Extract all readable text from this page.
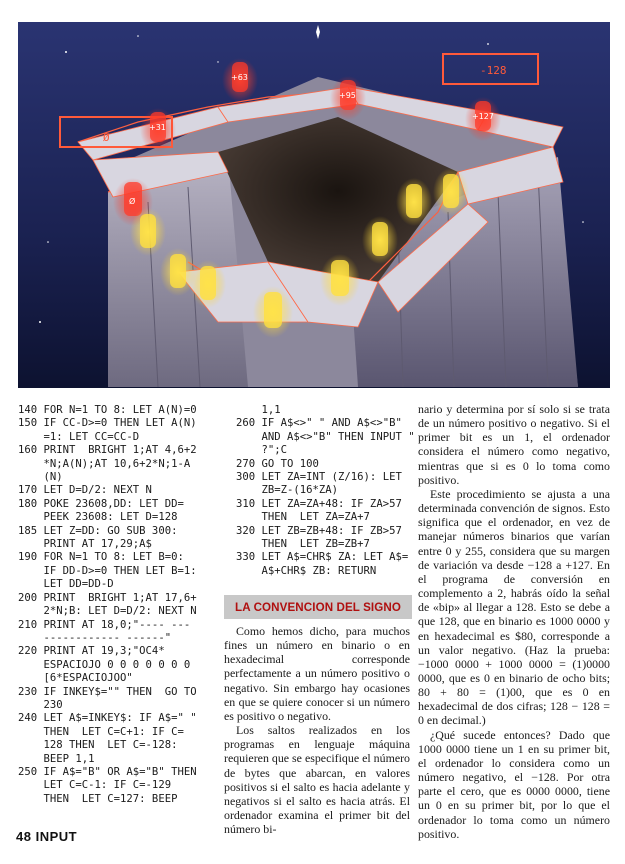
Ø
-128
Ø
+31
+63
+95
+127
140 FOR N=1 TO 8: LET A(N)=0
150 IF CC-D>=0 THEN LET A(N)
=1: LET CC=CC-D
160 PRINT  BRIGHT 1;AT 4,6+2
*N;A(N);AT 10,6+2*N;1-A
(N)
170 LET D=D/2: NEXT N
180 POKE 23608,DD: LET DD=
PEEK 23608: LET D=128
185 LET Z=DD: GO SUB 300:
PRINT AT 17,29;A$
190 FOR N=1 TO 8: LET B=0:
IF DD-D>=0 THEN LET B=1:
LET DD=DD-D
200 PRINT  BRIGHT 1;AT 17,6+
2*N;B: LET D=D/2: NEXT N
210 PRINT AT 18,0;"---- ---
------------ ------"
220 PRINT AT 19,3;"OC4*
ESPACIOJO 0 0 0 0 0 0 0
[6*ESPACIOJOO"
230 IF INKEY$="" THEN  GO TO
230
240 LET A$=INKEY$: IF A$=" "
THEN  LET C=C+1: IF C=
128 THEN  LET C=-128:
BEEP 1,1
250 IF A$="B" OR A$="B" THEN
LET C=C-1: IF C=-129
THEN  LET C=127: BEEP
1,1
260 IF A$<>" " AND A$<>"B"
AND A$<>"B" THEN INPUT "
?";C
270 GO TO 100
300 LET ZA=INT (Z/16): LET
ZB=Z-(16*ZA)
310 LET ZA=ZA+48: IF ZA>57
THEN  LET ZA=ZA+7
320 LET ZB=ZB+48: IF ZB>57
THEN  LET ZB=ZB+7
330 LET A$=CHR$ ZA: LET A$=
A$+CHR$ ZB: RETURN
LA CONVENCION DEL SIGNO

Como hemos dicho, para muchos fines un número en binario o en hexadecimal corresponde perfectamente a un número positivo o negativo. Sin embargo hay ocasiones en que se quiere conocer si un número es positivo o negativo.

Los saltos realizados en los programas en lenguaje máquina requieren que se especifique el número de bytes que abarcan, en valores positivos si el salto es hacia adelante y negativos si el salto es hacia atrás. El ordenador examina el primer bit del número bi-

nario y determina por sí solo si se trata de un número positivo o negativo. Si el primer bit es un 1, el ordenador considera el número como negativo, mientras que si es 0 lo toma como positivo.

Este procedimiento se ajusta a una determinada convención de signos. Esto significa que el ordenador, en vez de manejar números binarios que varían entre 0 y 255, considera que su margen de variación va desde −128 a +127. En el programa de conversión en complemento a 2, habrás oído la señal de «bip» al llegar a 128. Esto se debe a que 128, que en binario es 1000 0000 y en hexadecimal es $80, corresponde a un valor negativo. (Haz la prueba: −1000 0000 + 1000 0000 = (1)0000 0000, que es 0 en binario de ocho bits; 80 + 80 = (1)00, que es 0 en hexadecimal de dos cifras; 128 − 128 = 0 en decimal.)

¿Qué sucede entonces? Dado que 1000 0000 tiene un 1 en su primer bit, el ordenador lo considera como un número negativo, el −128. Por otra parte el cero, que es 0000 0000, tiene un 0 en su primer bit, por lo que el ordenador lo toma como un número positivo.

48 INPUT
